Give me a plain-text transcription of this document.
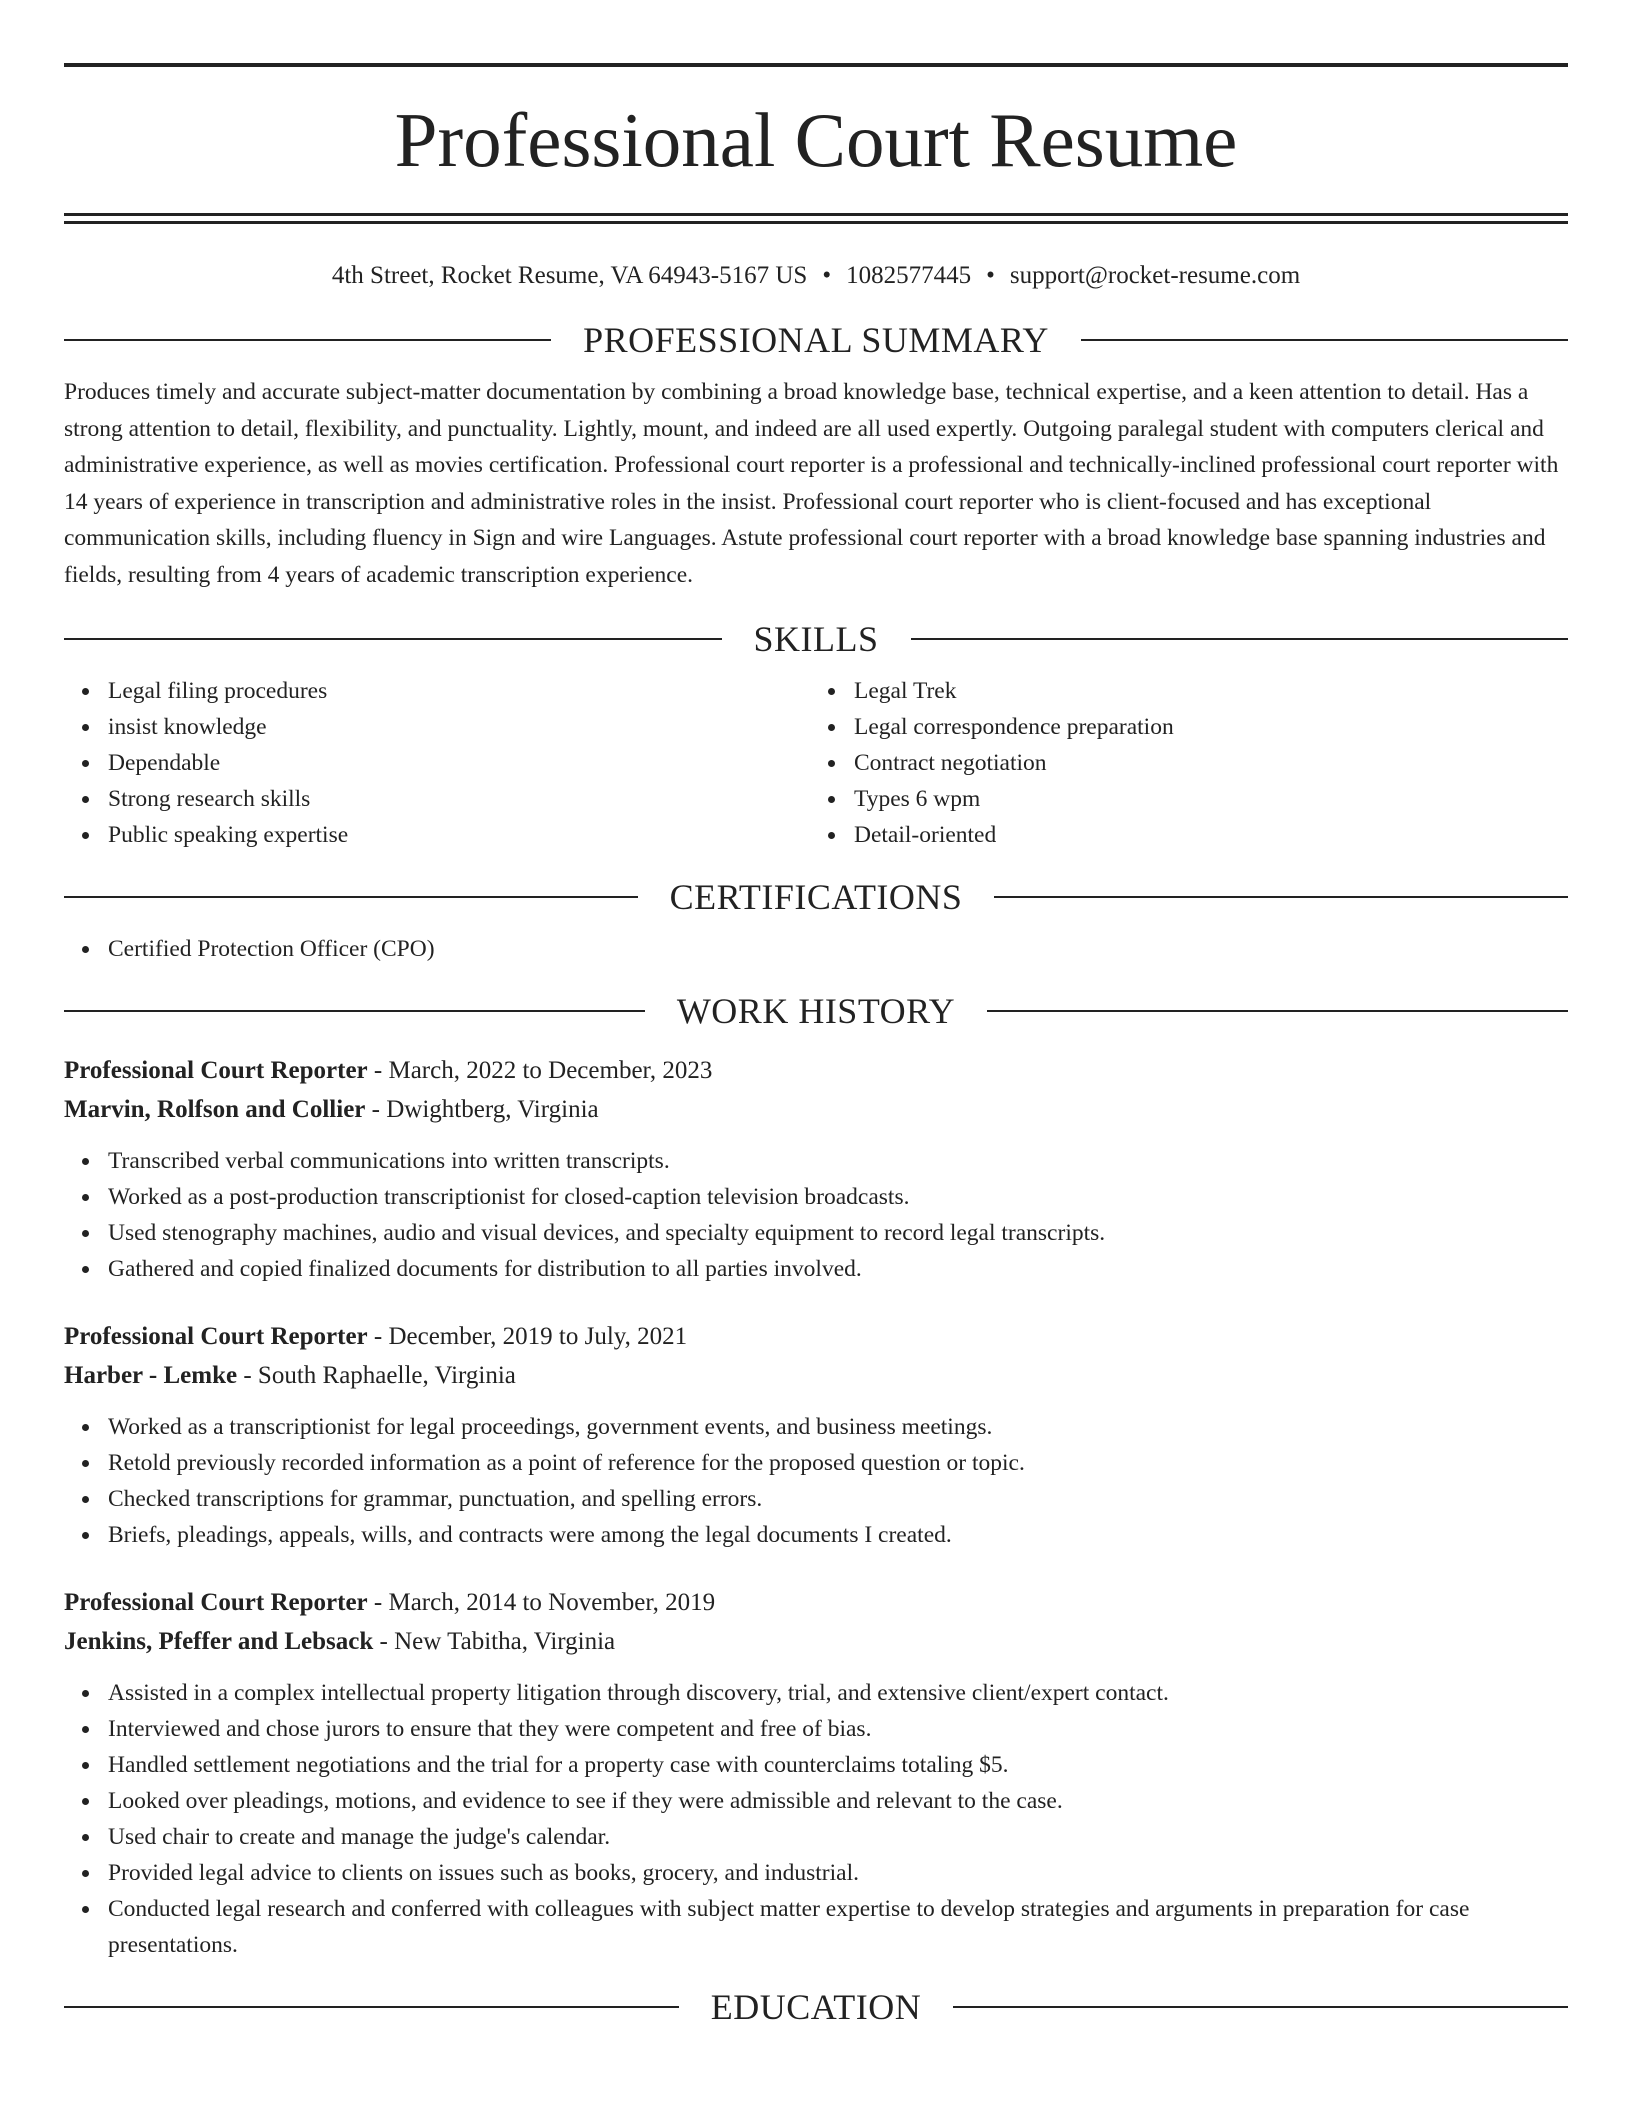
Professional Court Resume
4th Street, Rocket Resume, VA 64943-5167 US • 1082577445 • support@rocket-resume.com
PROFESSIONAL SUMMARY

Produces timely and accurate subject-matter documentation by combining a broad knowledge base, technical expertise, and a keen attention to detail. Has a strong attention to detail, flexibility, and punctuality. Lightly, mount, and indeed are all used expertly. Outgoing paralegal student with computers clerical and administrative experience, as well as movies certification. Professional court reporter is a professional and technically-inclined professional court reporter with 14 years of experience in transcription and administrative roles in the insist. Professional court reporter who is client-focused and has exceptional communication skills, including fluency in Sign and wire Languages. Astute professional court reporter with a broad knowledge base spanning industries and fields, resulting from 4 years of academic transcription experience.

SKILLS
Legal filing procedures
insist knowledge
Dependable
Strong research skills
Public speaking expertise
Legal Trek
Legal correspondence preparation
Contract negotiation
Types 6 wpm
Detail-oriented
CERTIFICATIONS
Certified Protection Officer (CPO)
WORK HISTORY
Professional Court Reporter - March, 2022 to December, 2023
Marvin, Rolfson and Collier - Dwightberg, Virginia
Transcribed verbal communications into written transcripts.
Worked as a post-production transcriptionist for closed-caption television broadcasts.
Used stenography machines, audio and visual devices, and specialty equipment to record legal transcripts.
Gathered and copied finalized documents for distribution to all parties involved.
Professional Court Reporter - December, 2019 to July, 2021
Harber - Lemke - South Raphaelle, Virginia
Worked as a transcriptionist for legal proceedings, government events, and business meetings.
Retold previously recorded information as a point of reference for the proposed question or topic.
Checked transcriptions for grammar, punctuation, and spelling errors.
Briefs, pleadings, appeals, wills, and contracts were among the legal documents I created.
Professional Court Reporter - March, 2014 to November, 2019
Jenkins, Pfeffer and Lebsack - New Tabitha, Virginia
Assisted in a complex intellectual property litigation through discovery, trial, and extensive client/expert contact.
Interviewed and chose jurors to ensure that they were competent and free of bias.
Handled settlement negotiations and the trial for a property case with counterclaims totaling $5.
Looked over pleadings, motions, and evidence to see if they were admissible and relevant to the case.
Used chair to create and manage the judge's calendar.
Provided legal advice to clients on issues such as books, grocery, and industrial.
Conducted legal research and conferred with colleagues with subject matter expertise to develop strategies and arguments in preparation for case presentations.
EDUCATION
